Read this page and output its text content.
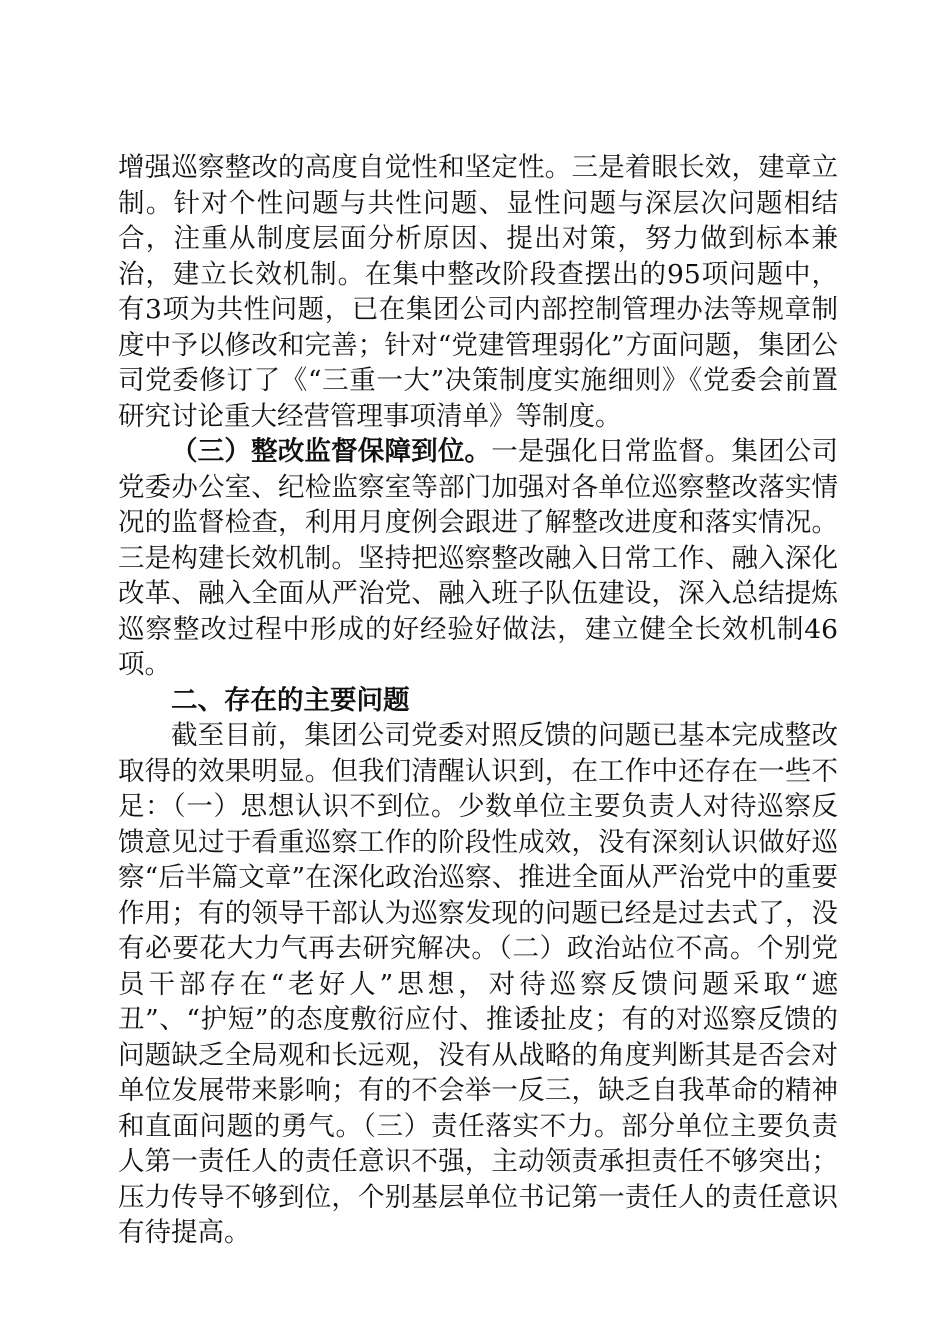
增强巡察整改的高度自觉性和坚定性。三是着眼长效，建章立制。针对个性问题与共性问题、显性问题与深层次问题相结合，注重从制度层面分析原因、提出对策，努力做到标本兼治，建立长效机制。在集中整改阶段查摆出的95项问题中，有3项为共性问题，已在集团公司内部控制管理办法等规章制度中予以修改和完善；针对“党建管理弱化”方面问题，集团公司党委修订了《“三重一大”决策制度实施细则》《党委会前置研究讨论重大经营管理事项清单》等制度。

（三）整改监督保障到位。一是强化日常监督。集团公司党委办公室、纪检监察室等部门加强对各单位巡察整改落实情况的监督检查，利用月度例会跟进了解整改进度和落实情况。三是构建长效机制。坚持把巡察整改融入日常工作、融入深化改革、融入全面从严治党、融入班子队伍建设，深入总结提炼巡察整改过程中形成的好经验好做法，建立健全长效机制46项。

二、存在的主要问题

截至目前，集团公司党委对照反馈的问题已基本完成整改取得的效果明显。但我们清醒认识到，在工作中还存在一些不足：（一）思想认识不到位。少数单位主要负责人对待巡察反馈意见过于看重巡察工作的阶段性成效，没有深刻认识做好巡察“后半篇文章”在深化政治巡察、推进全面从严治党中的重要作用；有的领导干部认为巡察发现的问题已经是过去式了，没有必要花大力气再去研究解决。（二）政治站位不高。个别党员干部存在“老好人”思想，对待巡察反馈问题采取“遮丑”、“护短”的态度敷衍应付、推诿扯皮；有的对巡察反馈的问题缺乏全局观和长远观，没有从战略的角度判断其是否会对单位发展带来影响；有的不会举一反三，缺乏自我革命的精神和直面问题的勇气。（三）责任落实不力。部分单位主要负责人第一责任人的责任意识不强，主动领责承担责任不够突出；压力传导不够到位，个别基层单位书记第一责任人的责任意识有待提高。
